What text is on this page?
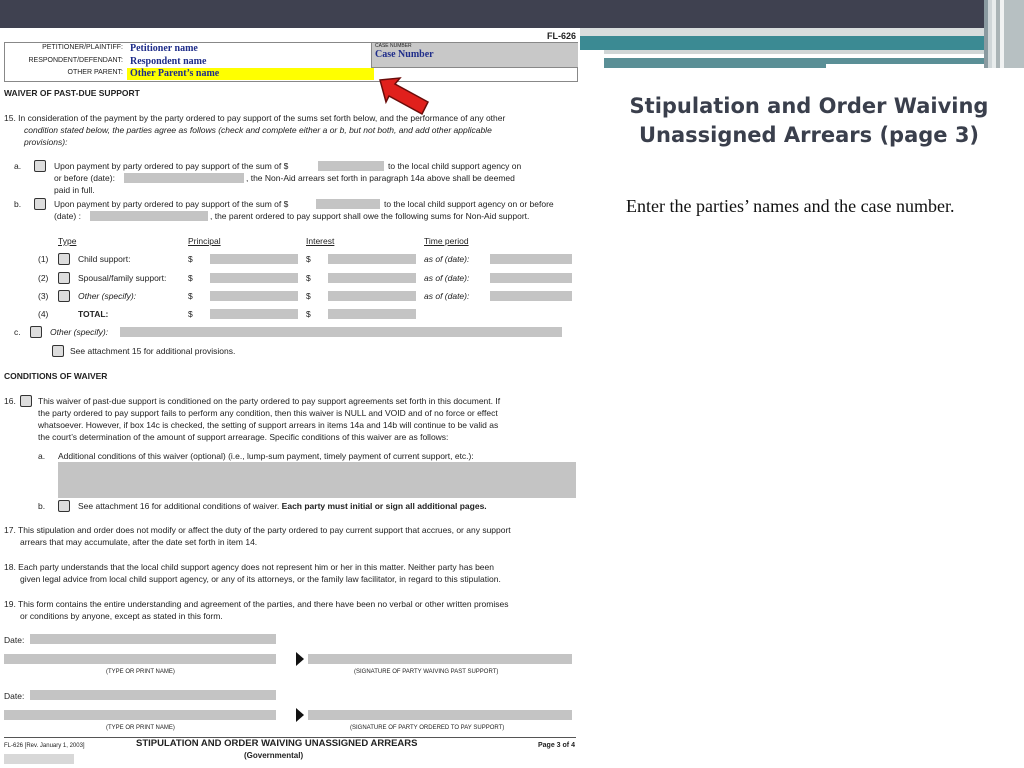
FL-626
PETITIONER/PLAINTIFF: Petitioner name
RESPONDENT/DEFENDANT: Respondent name
OTHER PARENT: Other Parent’s name
CASE NUMBER
Case Number
WAIVER OF PAST-DUE SUPPORT
15. In consideration of the payment by the party ordered to pay support of the sums set forth below, and the performance of any other
condition stated below, the parties agree as follows (check and complete either a or b, but not both, and add other applicable
provisions):
a.	Upon payment by party ordered to pay support of the sum of $	to the local child support agency on
or before (date):	, the Non-Aid arrears set forth in paragraph 14a above shall be deemed
paid in full.
b.	Upon payment by party ordered to pay support of the sum of $	to the local child support agency on or before
(date) :	, the parent ordered to pay support shall owe the following sums for Non-Aid support.
Type	Principal	Interest	Time period
(1)	Child support:	$	$	as of (date):
(2)	Spousal/family support:	$	$	as of (date):
(3)	Other (specify):	$	$	as of (date):
(4)	TOTAL:	$	$
c.	Other (specify):
See attachment 15 for additional provisions.
CONDITIONS OF WAIVER
16.	This waiver of past-due support is conditioned on the party ordered to pay support agreements set forth in this document. If
the party ordered to pay support fails to perform any condition, then this waiver is NULL and VOID and of no force or effect
whatsoever. However, if box 14c is checked, the setting of support arrears in items 14a and 14b will continue to be valid as
the court’s determination of the amount of support arrearage. Specific conditions of this waiver are as follows:
a. Additional conditions of this waiver (optional) (i.e., lump-sum payment, timely payment of current support, etc.):
b.	See attachment 16 for additional conditions of waiver. Each party must initial or sign all additional pages.
17. This stipulation and order does not modify or affect the duty of the party ordered to pay current support that accrues, or any support
arrears that may accumulate, after the date set forth in item 14.
18. Each party understands that the local child support agency does not represent him or her in this matter. Neither party has been
given legal advice from local child support agency, or any of its attorneys, or the family law facilitator, in regard to this stipulation.
19. This form contains the entire understanding and agreement of the parties, and there have been no verbal or other written promises
or conditions by anyone, except as stated in this form.
Date:
(TYPE OR PRINT NAME)	(SIGNATURE OF PARTY WAIVING PAST SUPPORT)
Date:
(TYPE OR PRINT NAME)	(SIGNATURE OF PARTY ORDERED TO PAY SUPPORT)
FL-626 [Rev. January 1, 2003]	STIPULATION AND ORDER WAIVING UNASSIGNED ARREARS
(Governmental)
Page 3 of 4
Stipulation and Order Waiving Unassigned Arrears (page 3)
Enter the parties’ names and the case number.
